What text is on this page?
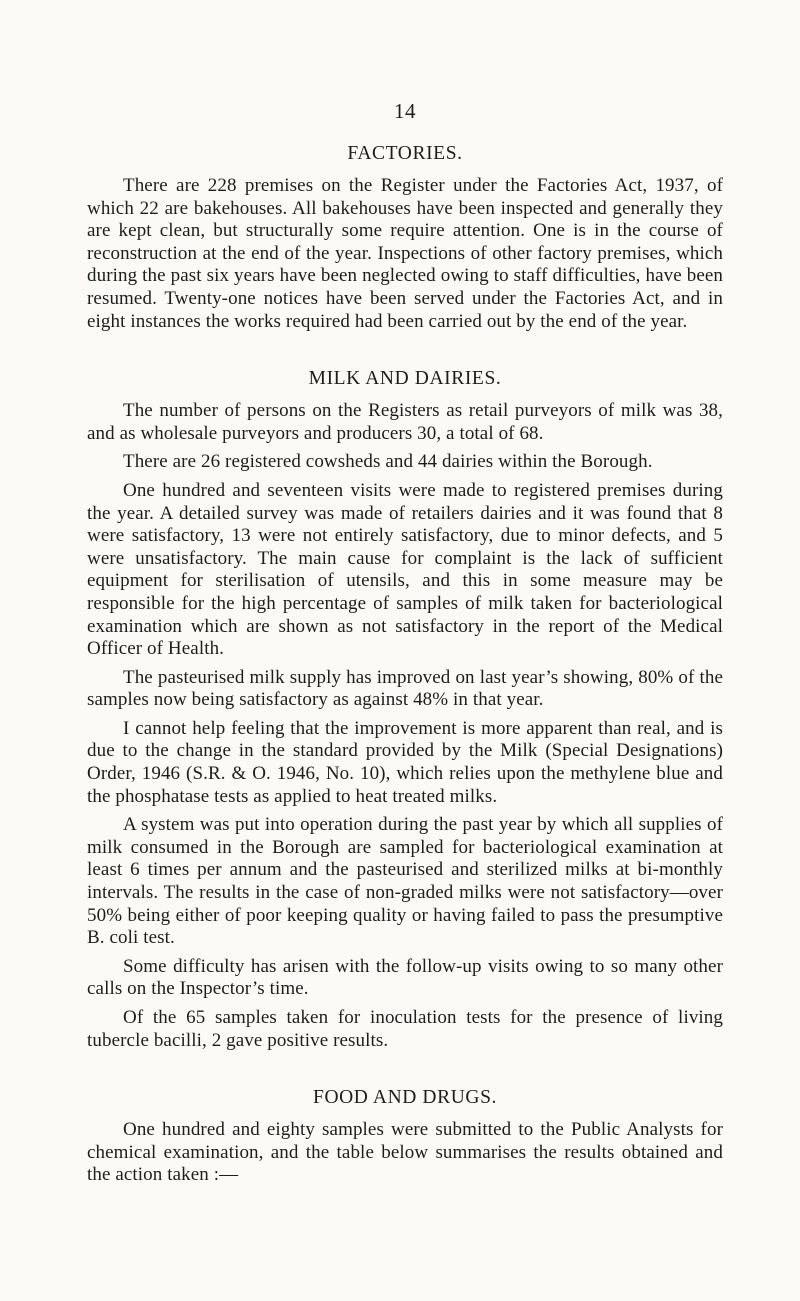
14
FACTORIES.

There are 228 premises on the Register under the Factories Act, 1937, of which 22 are bakehouses. All bakehouses have been inspected and generally they are kept clean, but structurally some require attention. One is in the course of reconstruction at the end of the year. Inspections of other factory premises, which during the past six years have been neglected owing to staff difficulties, have been resumed. Twenty-one notices have been served under the Factories Act, and in eight instances the works required had been carried out by the end of the year.

MILK AND DAIRIES.

The number of persons on the Registers as retail purveyors of milk was 38, and as wholesale purveyors and producers 30, a total of 68.

There are 26 registered cowsheds and 44 dairies within the Borough.

One hundred and seventeen visits were made to registered premises during the year. A detailed survey was made of retailers dairies and it was found that 8 were satisfactory, 13 were not entirely satisfactory, due to minor defects, and 5 were unsatisfactory. The main cause for complaint is the lack of sufficient equipment for sterilisation of utensils, and this in some measure may be responsible for the high percentage of samples of milk taken for bacteriological examination which are shown as not satisfactory in the report of the Medical Officer of Health.

The pasteurised milk supply has improved on last year’s showing, 80% of the samples now being satisfactory as against 48% in that year.

I cannot help feeling that the improvement is more apparent than real, and is due to the change in the standard provided by the Milk (Special Designations) Order, 1946 (S.R. & O. 1946, No. 10), which relies upon the methylene blue and the phosphatase tests as applied to heat treated milks.

A system was put into operation during the past year by which all supplies of milk consumed in the Borough are sampled for bacteriological examination at least 6 times per annum and the pasteurised and sterilized milks at bi-monthly intervals. The results in the case of non-graded milks were not satisfactory—over 50% being either of poor keeping quality or having failed to pass the presumptive B. coli test.

Some difficulty has arisen with the follow-up visits owing to so many other calls on the Inspector’s time.

Of the 65 samples taken for inoculation tests for the presence of living tubercle bacilli, 2 gave positive results.

FOOD AND DRUGS.

One hundred and eighty samples were submitted to the Public Analysts for chemical examination, and the table below summarises the results obtained and the action taken :—
